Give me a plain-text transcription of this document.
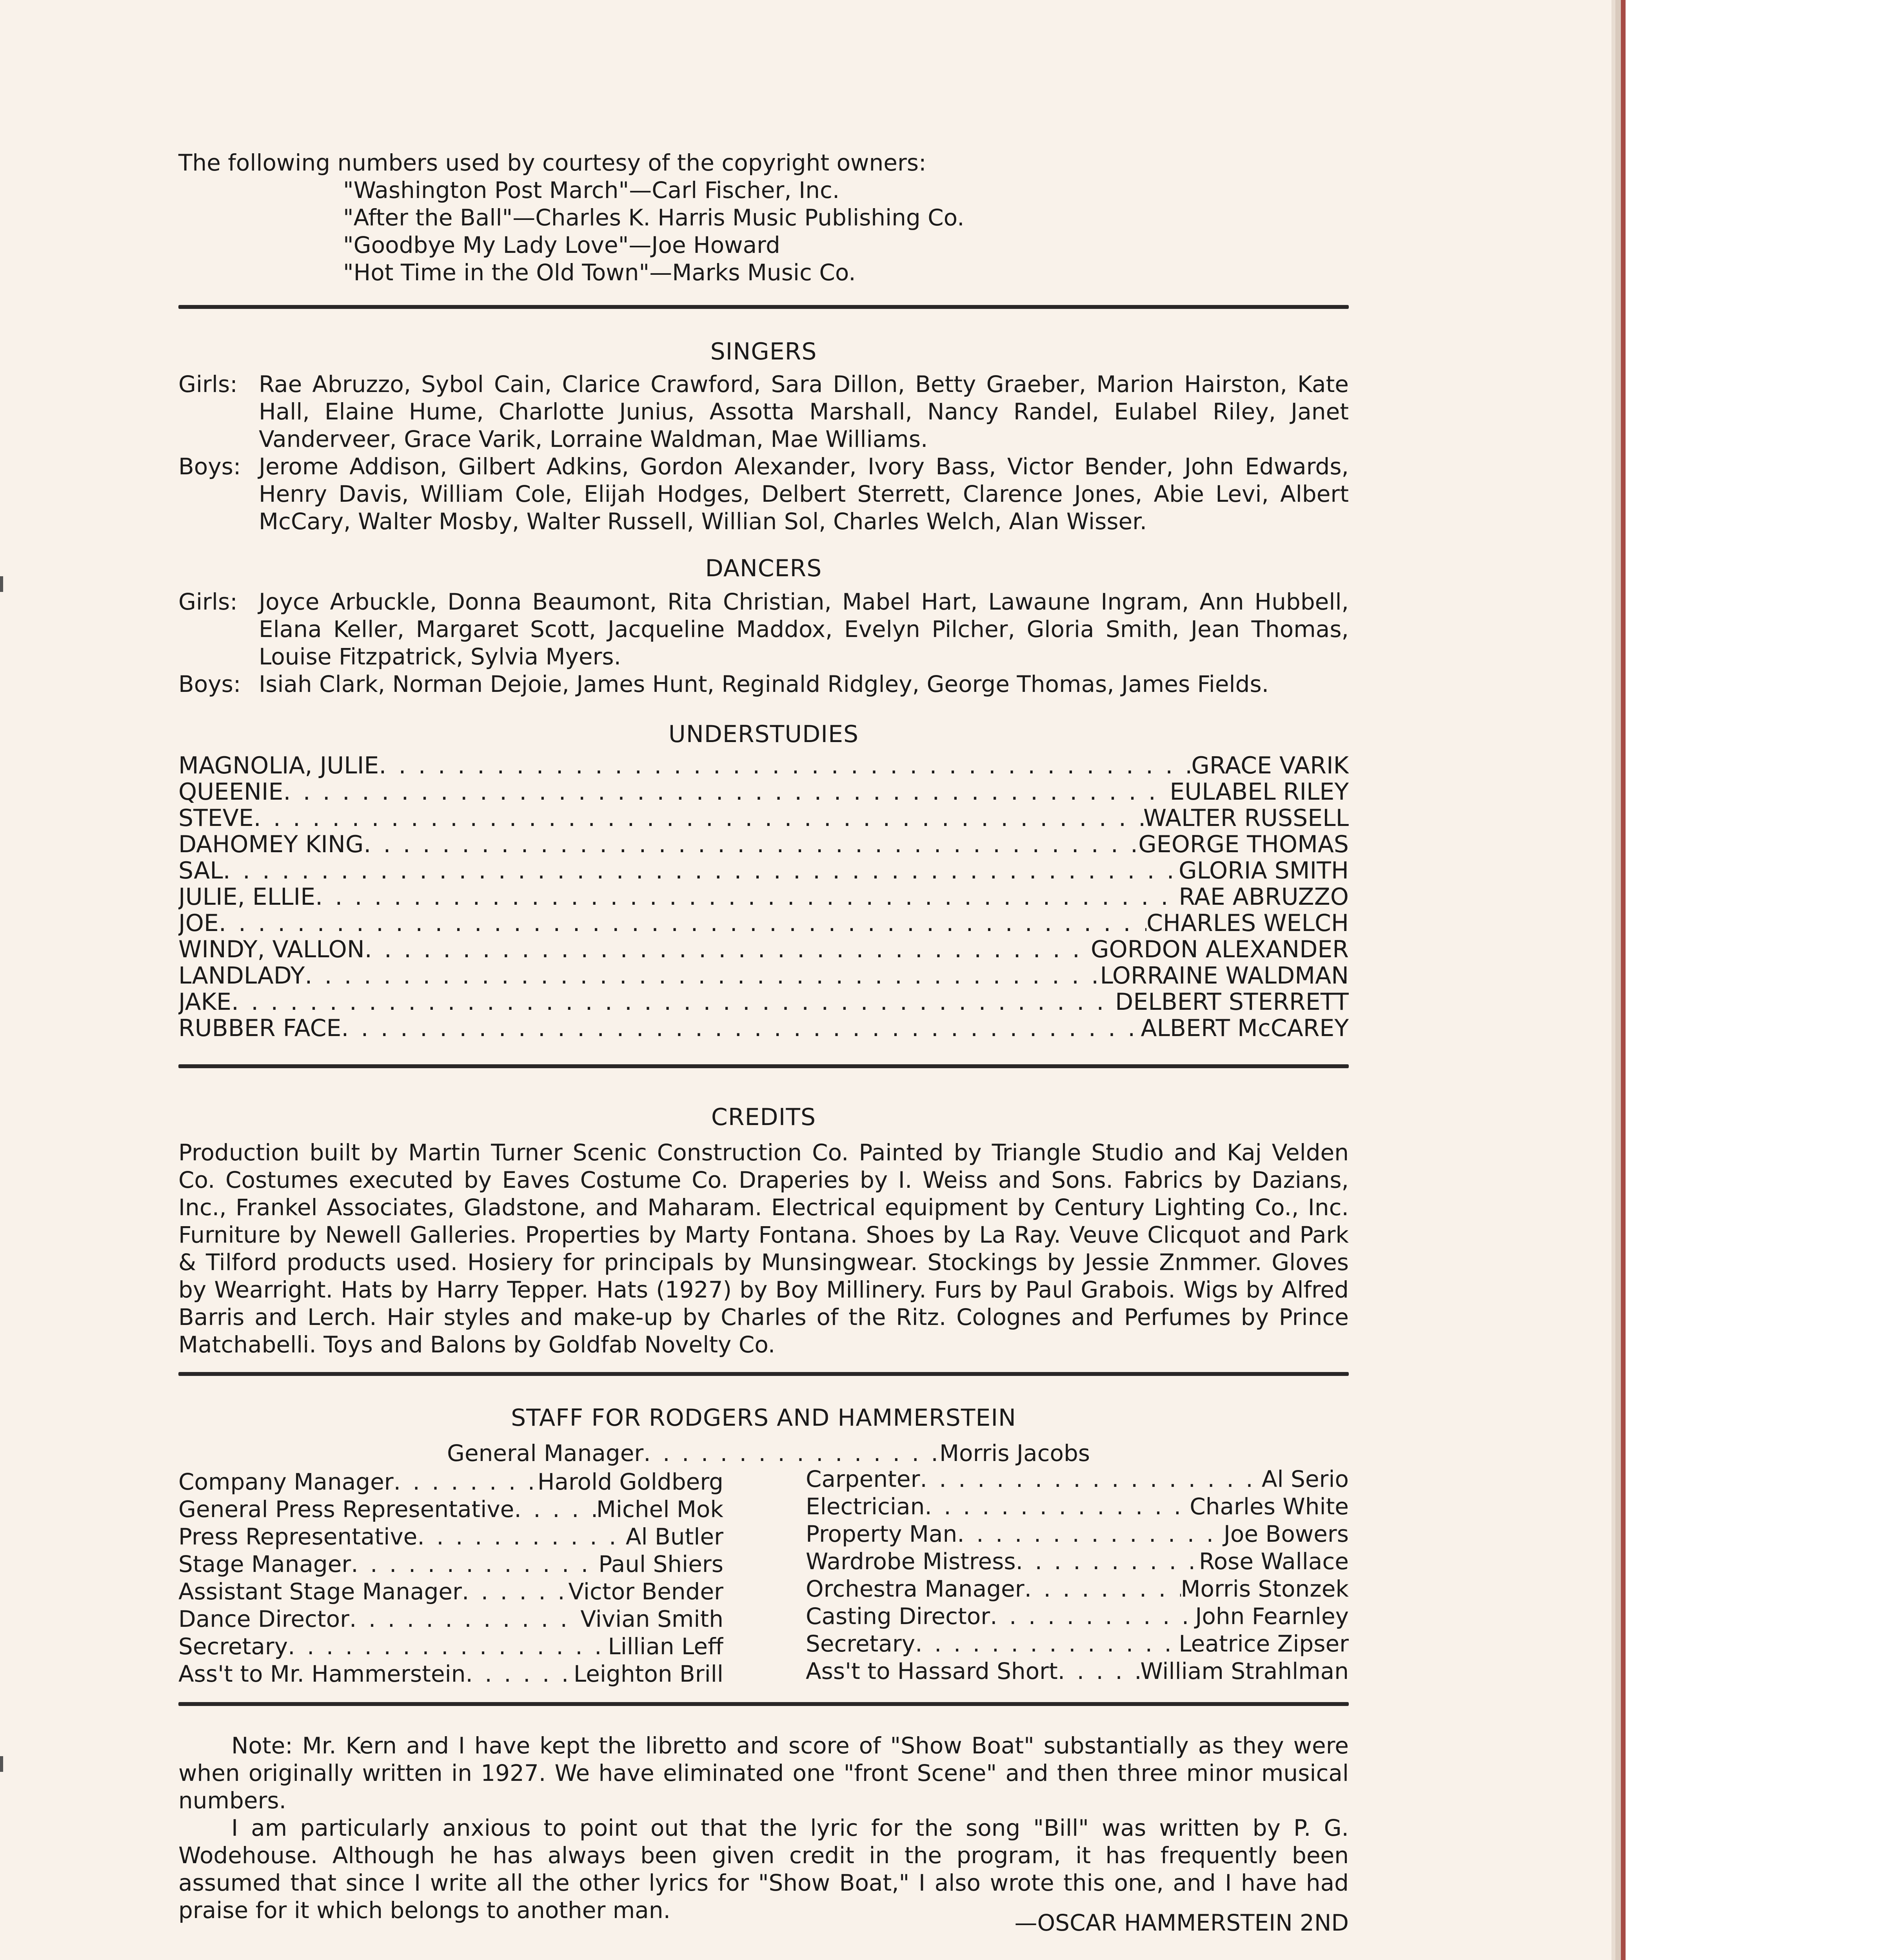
The following numbers used by courtesy of the copyright owners:
"Washington Post March"—Carl Fischer, Inc.
"After the Ball"—Charles K. Harris Music Publishing Co.
"Goodbye My Lady Love"—Joe Howard
"Hot Time in the Old Town"—Marks Music Co.
SINGERS
Girls: Rae Abruzzo, Sybol Cain, Clarice Crawford, Sara Dillon, Betty Graeber, Marion Hairston, Kate Hall, Elaine Hume, Charlotte Junius, Assotta Marshall, Nancy Randel, Eulabel Riley, Janet Vanderveer, Grace Varik, Lorraine Waldman, Mae Williams.
Boys: Jerome Addison, Gilbert Adkins, Gordon Alexander, Ivory Bass, Victor Bender, John Edwards, Henry Davis, William Cole, Elijah Hodges, Delbert Sterrett, Clarence Jones, Abie Levi, Albert McCary, Walter Mosby, Walter Russell, Willian Sol, Charles Welch, Alan Wisser.
DANCERS
Girls: Joyce Arbuckle, Donna Beaumont, Rita Christian, Mabel Hart, Lawaune Ingram, Ann Hubbell, Elana Keller, Margaret Scott, Jacqueline Maddox, Evelyn Pilcher, Gloria Smith, Jean Thomas, Louise Fitzpatrick, Sylvia Myers.
Boys: Isiah Clark, Norman Dejoie, James Hunt, Reginald Ridgley, George Thomas, James Fields.
UNDERSTUDIES
MAGNOLIA, JULIE . . .	GRACE VARIK
QUEENIE . . .	EULABEL RILEY
STEVE . . .	WALTER RUSSELL
DAHOMEY KING . . .	GEORGE THOMAS
SAL . . .	GLORIA SMITH
JULIE, ELLIE . . .	RAE ABRUZZO
JOE . . .	CHARLES WELCH
WINDY, VALLON . . .	GORDON ALEXANDER
LANDLADY . . .	LORRAINE WALDMAN
JAKE . . .	DELBERT STERRETT
RUBBER FACE . . .	ALBERT McCAREY
CREDITS
Production built by Martin Turner Scenic Construction Co. Painted by Triangle Studio and Kaj Velden Co. Costumes executed by Eaves Costume Co. Draperies by I. Weiss and Sons. Fabrics by Dazians, Inc., Frankel Associates, Gladstone, and Maharam. Electrical equipment by Century Lighting Co., Inc. Furniture by Newell Galleries. Properties by Marty Fontana. Shoes by La Ray. Veuve Clicquot and Park & Tilford products used. Hosiery for principals by Munsingwear. Stockings by Jessie Znmmer. Gloves by Wearright. Hats by Harry Tepper. Hats (1927) by Boy Millinery. Furs by Paul Grabois. Wigs by Alfred Barris and Lerch. Hair styles and make-up by Charles of the Ritz. Colognes and Perfumes by Prince Matchabelli. Toys and Balons by Goldfab Novelty Co.
STAFF FOR RODGERS AND HAMMERSTEIN
General Manager . . .	Morris Jacobs
Company Manager . . .	Harold Goldberg
General Press Representative . . .	Michel Mok
Press Representative . . .	Al Butler
Stage Manager . . .	Paul Shiers
Assistant Stage Manager . . .	Victor Bender
Dance Director . . .	Vivian Smith
Secretary . . .	Lillian Leff
Ass't to Mr. Hammerstein . . .	Leighton Brill
Carpenter . . .	Al Serio
Electrician . . .	Charles White
Property Man . . .	Joe Bowers
Wardrobe Mistress . . .	Rose Wallace
Orchestra Manager . . .	Morris Stonzek
Casting Director . . .	John Fearnley
Secretary . . .	Leatrice Zipser
Ass't to Hassard Short . . .	William Strahlman

Note: Mr. Kern and I have kept the libretto and score of "Show Boat" substantially as they were when originally written in 1927. We have eliminated one "front Scene" and then three minor musical numbers.

I am particularly anxious to point out that the lyric for the song "Bill" was written by P. G. Wodehouse. Although he has always been given credit in the program, it has frequently been assumed that since I write all the other lyrics for "Show Boat," I also wrote this one, and I have had praise for it which belongs to another man.	—OSCAR HAMMERSTEIN 2ND
